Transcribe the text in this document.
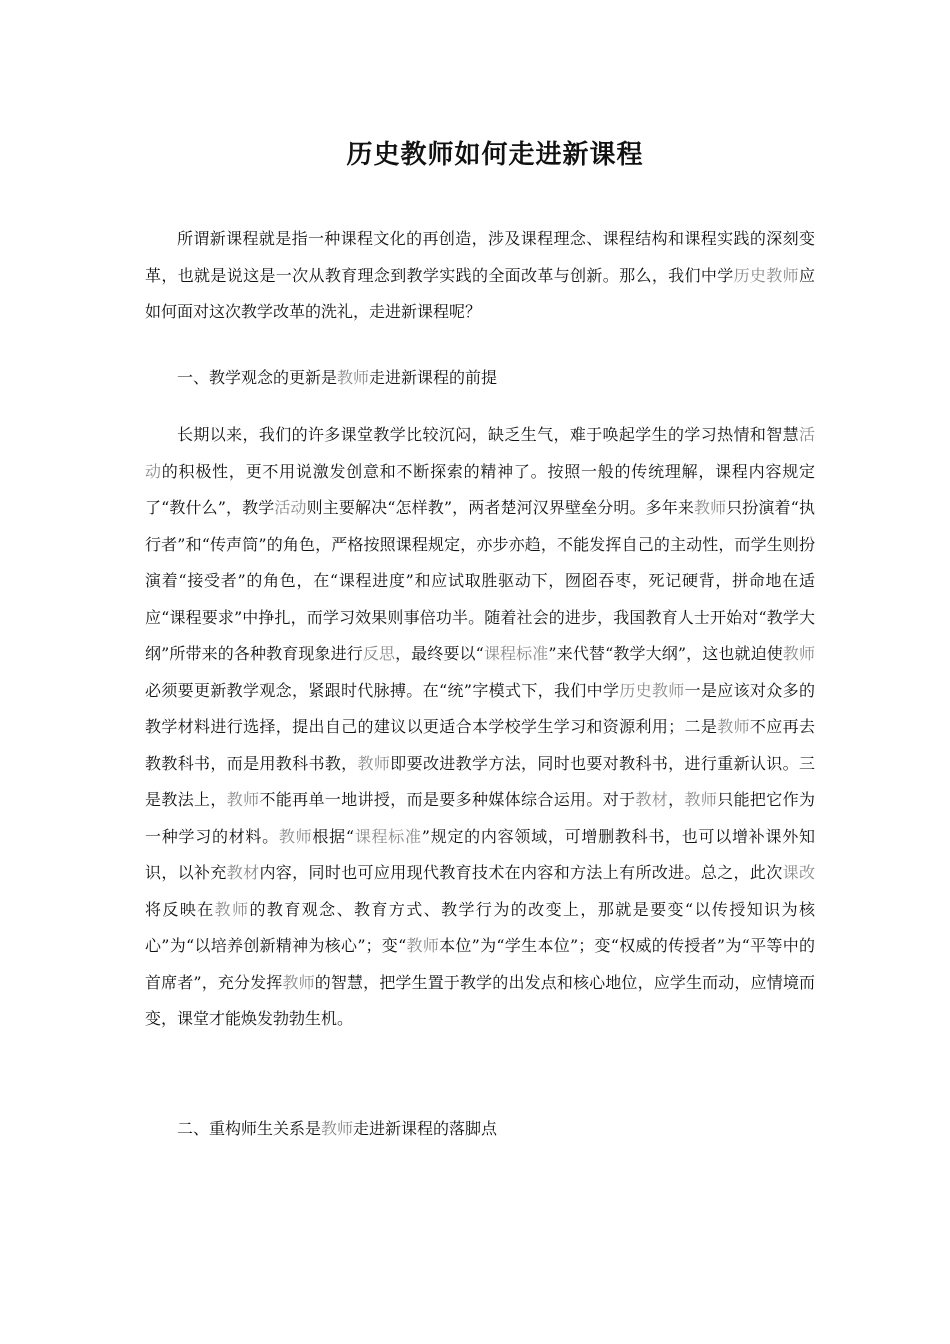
历史教师如何走进新课程

所谓新课程就是指一种课程文化的再创造，涉及课程理念、课程结构和课程实践的深刻变革，也就是说这是一次从教育理念到教学实践的全面改革与创新。那么，我们中学历史教师应如何面对这次教学改革的洗礼，走进新课程呢？

一、教学观念的更新是教师走进新课程的前提

长期以来，我们的许多课堂教学比较沉闷，缺乏生气，难于唤起学生的学习热情和智慧活动的积极性，更不用说激发创意和不断探索的精神了。按照一般的传统理解，课程内容规定了“教什么”，教学活动则主要解决“怎样教”，两者楚河汉界壁垒分明。多年来教师只扮演着“执行者”和“传声筒”的角色，严格按照课程规定，亦步亦趋，不能发挥自己的主动性，而学生则扮演着“接受者”的角色，在“课程进度”和应试取胜驱动下，囫囵吞枣，死记硬背，拼命地在适应“课程要求”中挣扎，而学习效果则事倍功半。随着社会的进步，我国教育人士开始对“教学大纲”所带来的各种教育现象进行反思，最终要以“课程标准”来代替“教学大纲”，这也就迫使教师必须要更新教学观念，紧跟时代脉搏。在“统”字模式下，我们中学历史教师一是应该对众多的教学材料进行选择，提出自己的建议以更适合本学校学生学习和资源利用；二是教师不应再去教教科书，而是用教科书教，教师即要改进教学方法，同时也要对教科书，进行重新认识。三是教法上，教师不能再单一地讲授，而是要多种媒体综合运用。对于教材，教师只能把它作为一种学习的材料。教师根据“课程标准”规定的内容领域，可增删教科书，也可以增补课外知识，以补充教材内容，同时也可应用现代教育技术在内容和方法上有所改进。总之，此次课改将反映在教师的教育观念、教育方式、教学行为的改变上，那就是要变“以传授知识为核心”为“以培养创新精神为核心”；变“教师本位”为“学生本位”；变“权威的传授者”为“平等中的首席者”，充分发挥教师的智慧，把学生置于教学的出发点和核心地位，应学生而动，应情境而变，课堂才能焕发勃勃生机。

二、重构师生关系是教师走进新课程的落脚点
